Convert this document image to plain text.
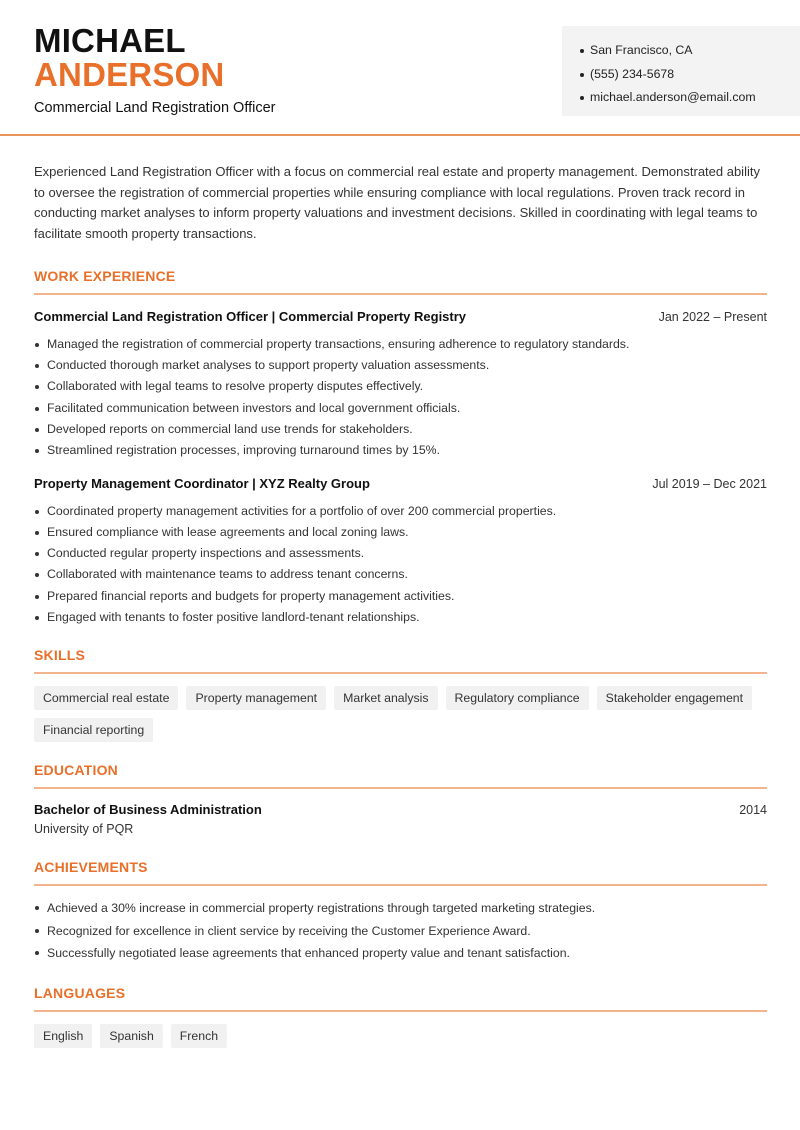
MICHAEL
ANDERSON
Commercial Land Registration Officer
San Francisco, CA
(555) 234-5678
michael.anderson@email.com

Experienced Land Registration Officer with a focus on commercial real estate and property management. Demonstrated ability to oversee the registration of commercial properties while ensuring compliance with local regulations. Proven track record in conducting market analyses to inform property valuations and investment decisions. Skilled in coordinating with legal teams to facilitate smooth property transactions.

WORK EXPERIENCE
Commercial Land Registration Officer | Commercial Property Registry	Jan 2022 – Present
Managed the registration of commercial property transactions, ensuring adherence to regulatory standards.
Conducted thorough market analyses to support property valuation assessments.
Collaborated with legal teams to resolve property disputes effectively.
Facilitated communication between investors and local government officials.
Developed reports on commercial land use trends for stakeholders.
Streamlined registration processes, improving turnaround times by 15%.
Property Management Coordinator | XYZ Realty Group	Jul 2019 – Dec 2021
Coordinated property management activities for a portfolio of over 200 commercial properties.
Ensured compliance with lease agreements and local zoning laws.
Conducted regular property inspections and assessments.
Collaborated with maintenance teams to address tenant concerns.
Prepared financial reports and budgets for property management activities.
Engaged with tenants to foster positive landlord-tenant relationships.
SKILLS
Commercial real estate	Property management	Market analysis	Regulatory compliance	Stakeholder engagement
Financial reporting
EDUCATION
Bachelor of Business Administration	2014
University of PQR
ACHIEVEMENTS
Achieved a 30% increase in commercial property registrations through targeted marketing strategies.
Recognized for excellence in client service by receiving the Customer Experience Award.
Successfully negotiated lease agreements that enhanced property value and tenant satisfaction.
LANGUAGES
English	Spanish	French
